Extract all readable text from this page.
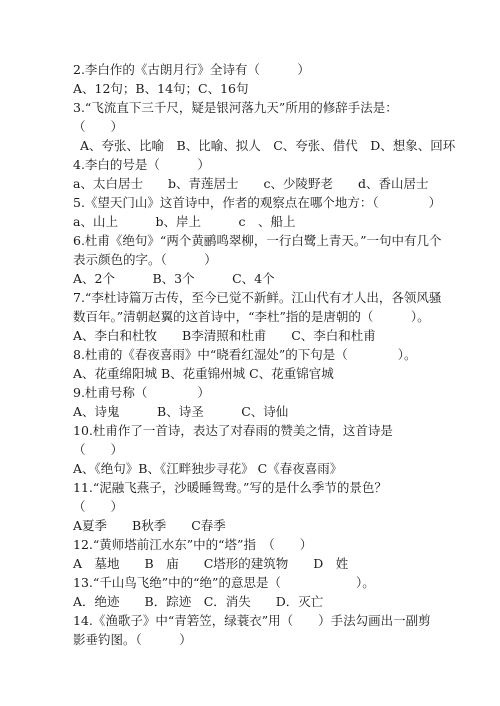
2.李白作的《古朗月行》全诗有（　　　）
A、12句；B、14句；C、16句
3.“飞流直下三千尺，疑是银河落九天”所用的修辞手法是：
（　　）
A、夸张、比喻　B、比喻、拟人　C、夸张、借代　D、想象、回环
4.李白的号是（　　　）
a、太白居士　　b、青莲居士　　c、少陵野老　　d、香山居士
5.《望天门山》这首诗中，作者的观察点在哪个地方：（　　　　）
a、山上　　　b、岸上　　　c　、船上
6.杜甫《绝句》“两个黄鹂鸣翠柳，一行白鹭上青天。”一句中有几个
表示颜色的字。（　　　）
A、2个　　　B、3个　　　C、4个
7.“李杜诗篇万古传，至今已觉不新鲜。江山代有才人出，各领风骚
数百年。”清朝赵翼的这首诗中，“李杜”指的是唐朝的（　　　）。
A、李白和杜牧　　B李清照和杜甫　　C、李白和杜甫
8.杜甫的《春夜喜雨》中“晓看红湿处”的下句是（　　　　）。
A、花重绵阳城 B、花重锦州城 C、花重锦官城
9.杜甫号称（　　　　）
A、诗鬼　　　B、诗圣　　　C、诗仙
10.杜甫作了一首诗，表达了对春雨的赞美之情，这首诗是
（　　）
A、《绝句》B、《江畔独步寻花》 C《春夜喜雨》
11.“泥融飞燕子，沙暖睡鸳鸯。”写的是什么季节的景色？
（　　）
A夏季　　B秋季　　C春季
12.“黄师塔前江水东”中的“塔”指　（　　）
A　墓地　　B　庙　　C塔形的建筑物　　D　姓
13.“千山鸟飞绝”中的“绝”的意思是（　　　　　　）。
A．绝迹　　B．踪迹　C．消失　　D．灭亡
14.《渔歌子》中“青箬笠，绿蓑衣”用（　　）手法勾画出一副剪
影垂钓图。（　　　）
